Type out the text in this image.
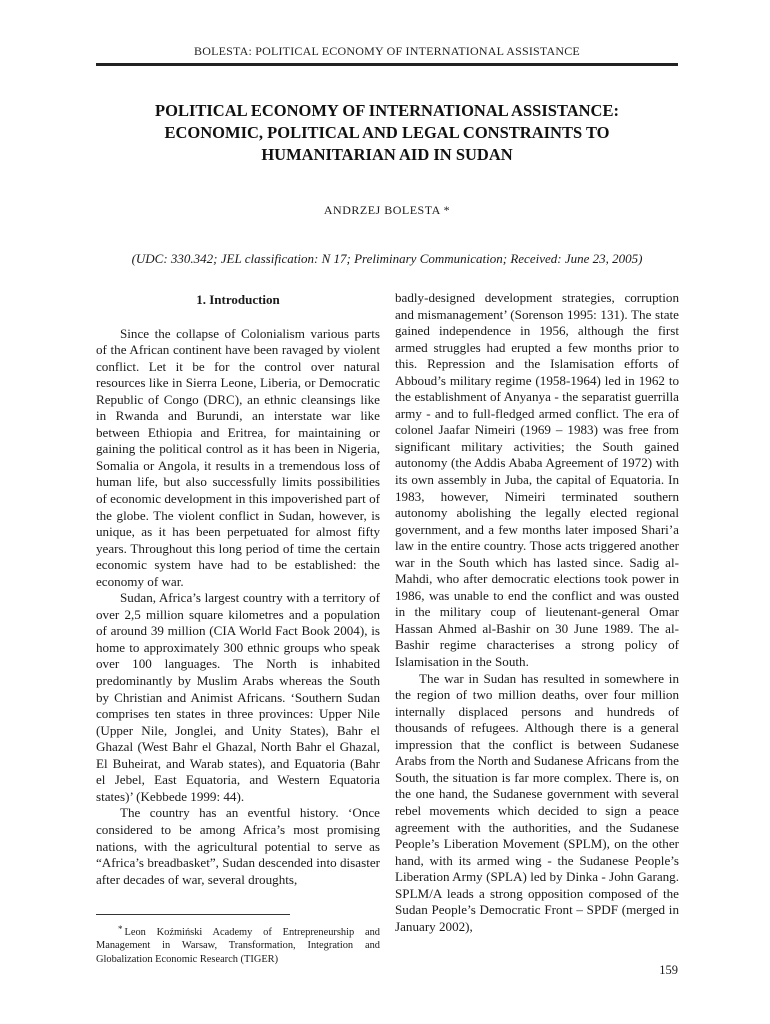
BOLESTA: POLITICAL ECONOMY OF INTERNATIONAL ASSISTANCE
POLITICAL ECONOMY OF INTERNATIONAL ASSISTANCE:
ECONOMIC, POLITICAL AND LEGAL CONSTRAINTS TO
HUMANITARIAN AID IN SUDAN
ANDRZEJ BOLESTA *
(UDC: 330.342; JEL classification: N 17; Preliminary Communication; Received: June 23, 2005)
1. Introduction

Since the collapse of Colonialism various parts of the African continent have been ravaged by violent conflict. Let it be for the control over natural resources like in Sierra Leone, Liberia, or Democratic Republic of Congo (DRC), an ethnic cleansings like in Rwanda and Burundi, an interstate war like between Ethiopia and Eritrea, for maintaining or gaining the political control as it has been in Nigeria, Somalia or Angola, it results in a tremendous loss of human life, but also successfully limits possibilities of economic development in this impoverished part of the globe. The violent conflict in Sudan, however, is unique, as it has been perpetuated for almost fifty years. Throughout this long period of time the certain economic system have had to be established: the economy of war.

Sudan, Africa’s largest country with a territory of over 2,5 million square kilometres and a population of around 39 million (CIA World Fact Book 2004), is home to approximately 300 ethnic groups who speak over 100 languages. The North is inhabited predominantly by Muslim Arabs whereas the South by Christian and Animist Africans. ‘Southern Sudan comprises ten states in three provinces: Upper Nile (Upper Nile, Jonglei, and Unity States), Bahr el Ghazal (West Bahr el Ghazal, North Bahr el Ghazal, El Buheirat, and Warab states), and Equatoria (Bahr el Jebel, East Equatoria, and Western Equatoria states)’ (Kebbede 1999: 44).

The country has an eventful history. ‘Once considered to be among Africa’s most promising nations, with the agricultural potential to serve as “Africa’s breadbasket”, Sudan descended into disaster after decades of war, several droughts,

badly-designed development strategies, corruption and mismanagement’ (Sorenson 1995: 131). The state gained independence in 1956, although the first armed struggles had erupted a few months prior to this. Repression and the Islamisation efforts of Abboud’s military regime (1958-1964) led in 1962 to the establishment of Anyanya - the separatist guerrilla army - and to full-fledged armed conflict. The era of colonel Jaafar Nimeiri (1969 – 1983) was free from significant military activities; the South gained autonomy (the Addis Ababa Agreement of 1972) with its own assembly in Juba, the capital of Equatoria. In 1983, however, Nimeiri terminated southern autonomy abolishing the legally elected regional government, and a few months later imposed Shari’a law in the entire country. Those acts triggered another war in the South which has lasted since. Sadig al-Mahdi, who after democratic elections took power in 1986, was unable to end the conflict and was ousted in the military coup of lieutenant-general Omar Hassan Ahmed al-Bashir on 30 June 1989. The al-Bashir regime characterises a strong policy of Islamisation in the South.

The war in Sudan has resulted in somewhere in the region of two million deaths, over four million internally displaced persons and hundreds of thousands of refugees. Although there is a general impression that the conflict is between Sudanese Arabs from the North and Sudanese Africans from the South, the situation is far more complex. There is, on the one hand, the Sudanese government with several rebel movements which decided to sign a peace agreement with the authorities, and the Sudanese People’s Liberation Movement (SPLM), on the other hand, with its armed wing - the Sudanese People’s Liberation Army (SPLA) led by Dinka - John Garang. SPLM/A leads a strong opposition composed of the Sudan People’s Democratic Front – SPDF (merged in January 2002),

* Leon Koźmiński Academy of Entrepreneurship and Management in Warsaw, Transformation, Integration and Globalization Economic Research (TIGER)
159
